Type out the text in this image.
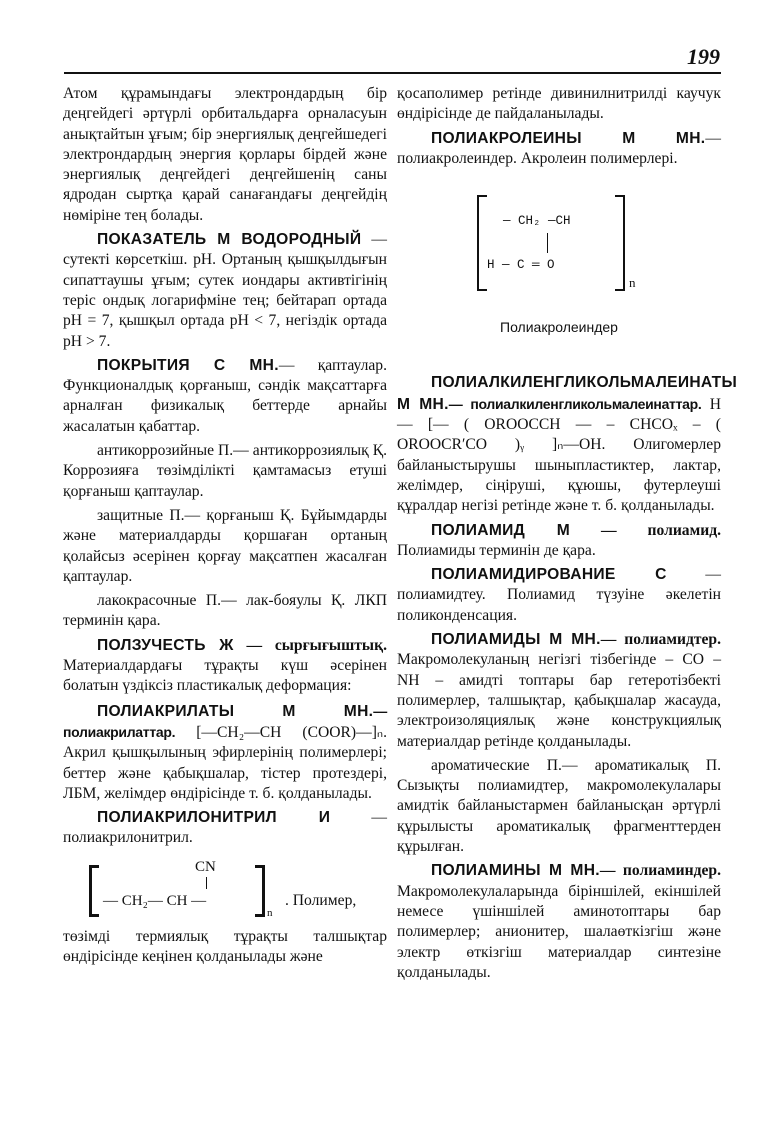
199

Атом құрамындағы электрондардың бір деңгейдегі әртүрлі орбитальдарға орналасуын анықтайтын ұғым; бір энергиялық деңгейшедегі электрондардың энергия қорлары бірдей және энергиялық деңгейдегі деңгейшенің саны ядродан сыртқа қарай санағандағы деңгейдің нөміріне тең болады.

ПОКАЗАТЕЛЬ М ВОДОРОДНЫЙ — сутекті көрсеткіш. pH. Ортаның қышқылдығын сипаттаушы ұғым; сутек иондары активтігінің теріс ондық логарифміне тең; бейтарап ортада pH = 7, қышқыл ортада pH < 7, негіздік ортада pH > 7.

ПОКРЫТИЯ С МН.— қаптаулар. Функционалдық қорғаныш, сәндік мақсаттарға арналған физикалық беттерде арнайы жасалатын қабаттар.

антикоррозийные П.— антикоррозиялық Қ. Коррозияға төзімділікті қамтамасыз етуші қорғаныш қаптаулар.

защитные П.— қорғаныш Қ. Бұйымдарды және материалдарды қоршаған ортаның қолайсыз әсерінен қорғау мақсатпен жасалған қаптаулар.

лакокрасочные П.— лак-бояулы Қ. ЛКП терминін қара.

ПОЛЗУЧЕСТЬ Ж — сырғығыштық. Материалдардағы тұрақты күш әсерінен болатын үздіксіз пластикалық деформация:

ПОЛИАКРИЛАТЫ М МН.—полиакрилаттар. [—CH₂—CH (COOR)—]ₙ. Акрил қышқылының эфирлерінің полимерлері; беттер және қабықшалар, тістер протездері, ЛБМ, желімдер өндірісінде т. б. қолданылады.

ПОЛИАКРИЛОНИТРИЛ И — полиакрилонитрил.

CN
— CH₂— CH —
n
. Полимер,

төзімді термиялық тұрақты талшықтар өндірісінде кеңінен қолданылады және

қосаполимер ретінде дивинилнитрилді каучук өндірісінде де пайдаланылады.

ПОЛИАКРОЛЕИНЫ М МН.— полиакролеиндер. Акролеин полимерлері.

— CH₂ —CH
H — C ═ O
n
Полиакролеиндер

ПОЛИАЛКИЛЕНГЛИКОЛЬМАЛЕИНАТЫ М МН.— полиалкиленгликольмалеинаттар. H — [— ( OROOCCH — – CHCOₓ – ( OROOCR′CO )ᵧ ]ₙ—OH. Олигомерлер байланыстырушы шыныпластиктер, лактар, желімдер, сіңіруші, құюшы, футерлеуші құралдар негізі ретінде және т. б. қолданылады.

ПОЛИАМИД М — полиамид. Полиамиды терминін де қара.

ПОЛИАМИДИРОВАНИЕ С — полиамидтеу. Полиамид түзуіне әкелетін поликонденсация.

ПОЛИАМИДЫ М МН.— полиамидтер. Макромолекуланың негізгі тізбегінде – CO – NH – амидті топтары бар гетеротізбекті полимерлер, талшықтар, қабықшалар жасауда, электроизоляциялық және конструкциялық материалдар ретінде қолданылады.

ароматические П.— ароматикалық П. Сызықты полиамидтер, макромолекулалары амидтік байланыстармен байланысқан әртүрлі құрылысты ароматикалық фрагменттерден құрылған.

ПОЛИАМИНЫ М МН.— полиаминдер. Макромолекулаларында біріншілей, екіншілей немесе үшіншілей аминотоптары бар полимерлер; анионитер, шалаөткізгіш және электр өткізгіш материалдар синтезіне қолданылады.
